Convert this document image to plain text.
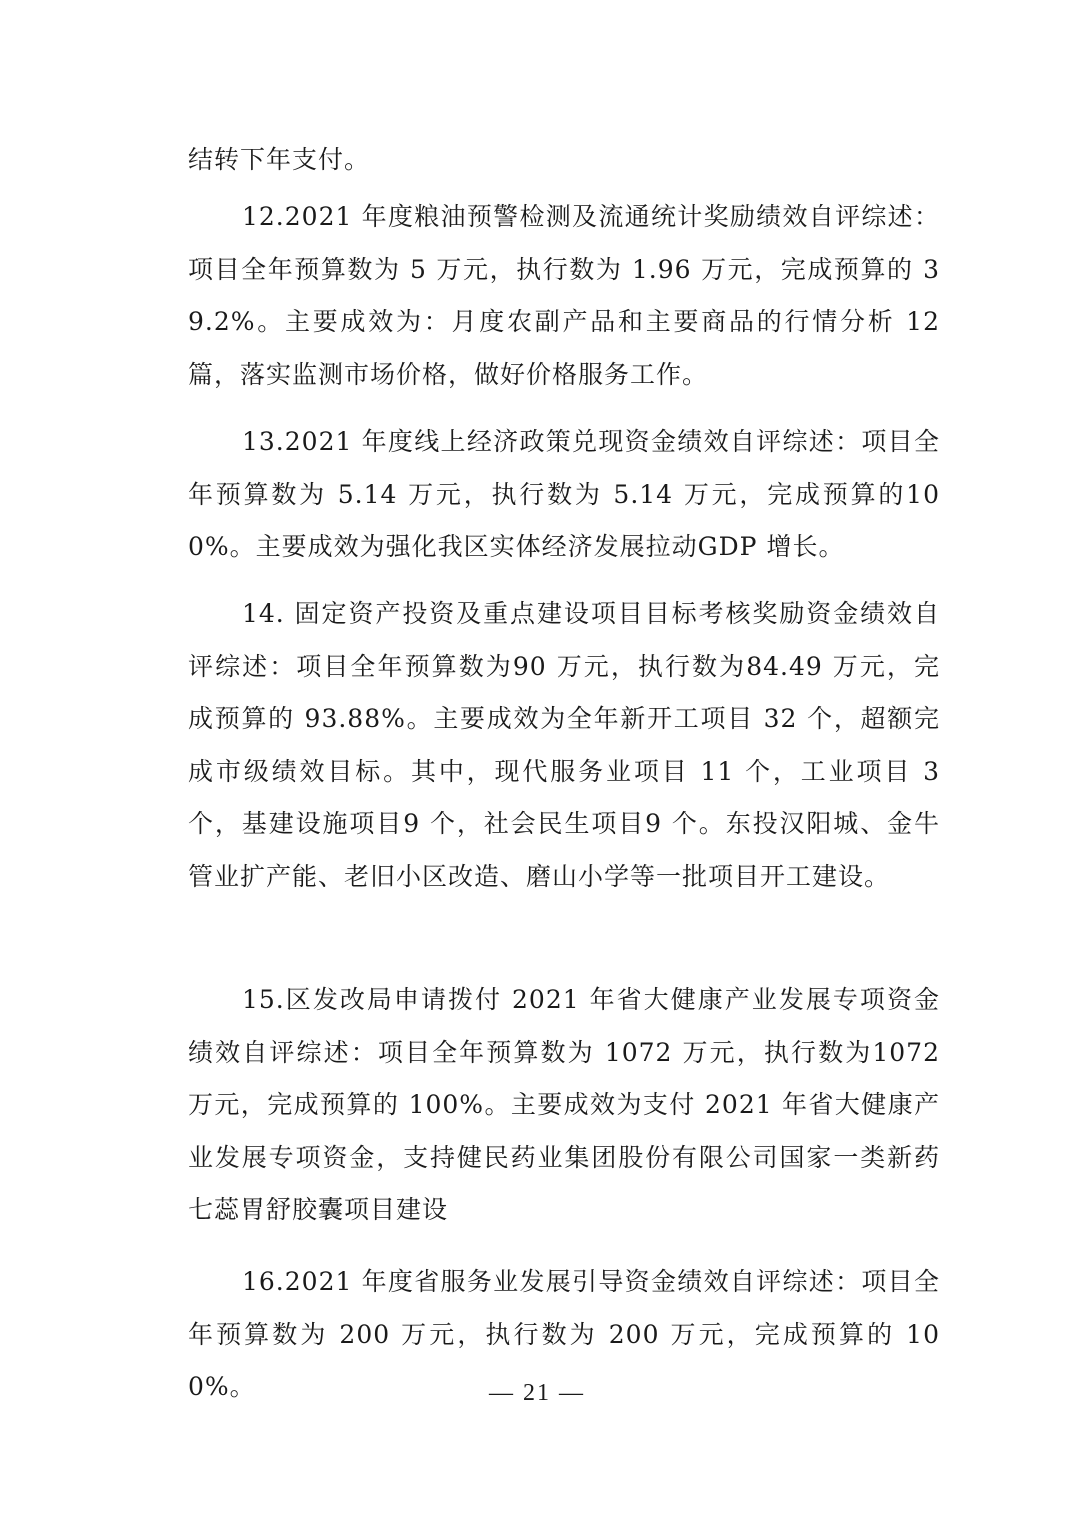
结转下年支付。

12.2021 年度粮油预警检测及流通统计奖励绩效自评综述：项目全年预算数为 5 万元，执行数为 1.96 万元，完成预算的 39.2%。主要成效为：月度农副产品和主要商品的行情分析 12 篇，落实监测市场价格，做好价格服务工作。

13.2021 年度线上经济政策兑现资金绩效自评综述：项目全年预算数为 5.14 万元，执行数为 5.14 万元，完成预算的100%。主要成效为强化我区实体经济发展拉动GDP 增长。

14. 固定资产投资及重点建设项目目标考核奖励资金绩效自评综述：项目全年预算数为90 万元，执行数为84.49 万元，完成预算的 93.88%。主要成效为全年新开工项目 32 个，超额完成市级绩效目标。其中，现代服务业项目 11 个，工业项目 3 个，基建设施项目9 个，社会民生项目9 个。东投汉阳城、金牛管业扩产能、老旧小区改造、磨山小学等一批项目开工建设。

15.区发改局申请拨付 2021 年省大健康产业发展专项资金绩效自评综述：项目全年预算数为 1072 万元，执行数为1072 万元，完成预算的 100%。主要成效为支付 2021 年省大健康产业发展专项资金，支持健民药业集团股份有限公司国家一类新药七蕊胃舒胶囊项目建设

16.2021 年度省服务业发展引导资金绩效自评综述：项目全年预算数为 200 万元，执行数为 200 万元，完成预算的 100%。	— 21 —
